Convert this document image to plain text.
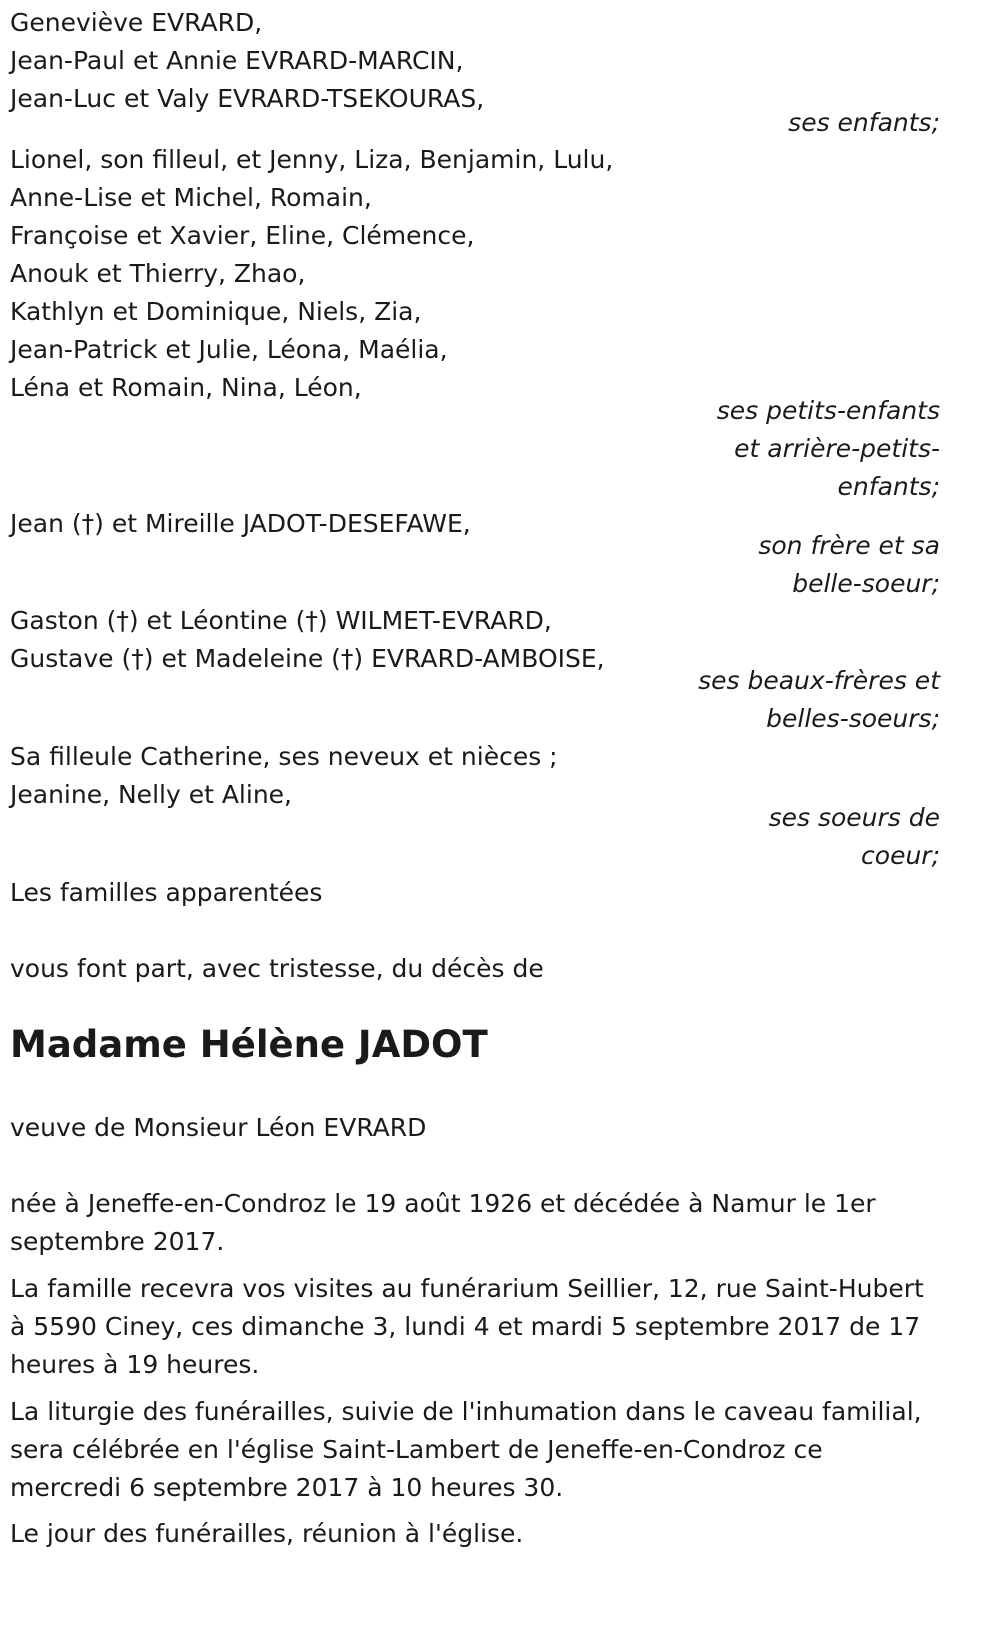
Geneviève EVRARD,
Jean-Paul et Annie EVRARD-MARCIN,
Jean-Luc et Valy EVRARD-TSEKOURAS,
ses enfants;
Lionel, son filleul, et Jenny, Liza, Benjamin, Lulu,
Anne-Lise et Michel, Romain,
Françoise et Xavier, Eline, Clémence,
Anouk et Thierry, Zhao,
Kathlyn et Dominique, Niels, Zia,
Jean-Patrick et Julie, Léona, Maélia,
Léna et Romain, Nina, Léon,
ses petits-enfants
et arrière-petits-
enfants;
Jean (†) et Mireille JADOT-DESEFAWE,
son frère et sa
belle-soeur;
Gaston (†) et Léontine (†) WILMET-EVRARD,
Gustave (†) et Madeleine (†) EVRARD-AMBOISE,
ses beaux-frères et
belles-soeurs;
Sa filleule Catherine, ses neveux et nièces ;
Jeanine, Nelly et Aline,
ses soeurs de
coeur;
Les familles apparentées
vous font part, avec tristesse, du décès de
Madame Hélène JADOT
veuve de Monsieur Léon EVRARD
née à Jeneffe-en-Condroz le 19 août 1926 et décédée à Namur le 1er
septembre 2017.
La famille recevra vos visites au funérarium Seillier, 12, rue Saint-Hubert
à 5590 Ciney, ces dimanche 3, lundi 4 et mardi 5 septembre 2017 de 17
heures à 19 heures.
La liturgie des funérailles, suivie de l'inhumation dans le caveau familial,
sera célébrée en l'église Saint-Lambert de Jeneffe-en-Condroz ce
mercredi 6 septembre 2017 à 10 heures 30.
Le jour des funérailles, réunion à l'église.
